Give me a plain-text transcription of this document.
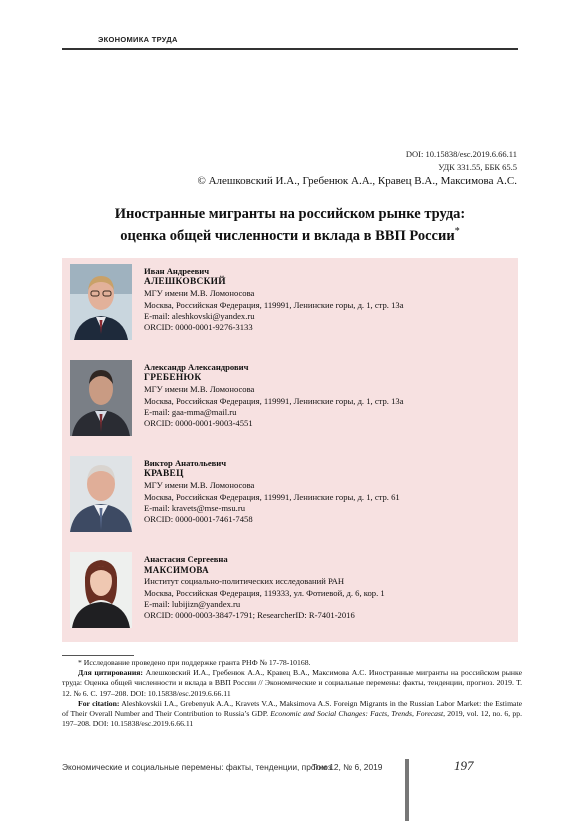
ЭКОНОМИКА ТРУДА
DOI: 10.15838/esc.2019.6.66.11
УДК 331.55, ББК 65.5
© Алешковский И.А., Гребенюк А.А., Кравец В.А., Максимова А.С.
Иностранные мигранты на российском рынке труда:
оценка общей численности и вклада в ВВП России*
Иван Андреевич
АЛЕШКОВСКИЙ
МГУ имени М.В. Ломоносова
Москва, Российская Федерация, 119991, Ленинские горы, д. 1, стр. 13а
E-mail: aleshkovski@yandex.ru
ORCID: 0000-0001-9276-3133
Александр Александрович
ГРЕБЕНЮК
МГУ имени М.В. Ломоносова
Москва, Российская Федерация, 119991, Ленинские горы, д. 1, стр. 13а
E-mail: gaa-mma@mail.ru
ORCID: 0000-0001-9003-4551
Виктор Анатольевич
КРАВЕЦ
МГУ имени М.В. Ломоносова
Москва, Российская Федерация, 119991, Ленинские горы, д. 1, стр. 61
E-mail: kravets@mse-msu.ru
ORCID: 0000-0001-7461-7458
Анастасия Сергеевна
МАКСИМОВА
Институт социально-политических исследований РАН
Москва, Российская Федерация, 119333, ул. Фотиевой, д. 6, кор. 1
E-mail: lubijizn@yandex.ru
ORCID: 0000-0003-3847-1791; ResearcherID: R-7401-2016

* Исследование проведено при поддержке гранта РНФ № 17-78-10168.

Для цитирования: Алешковский И.А., Гребенюк А.А., Кравец В.А., Максимова А.С. Иностранные мигранты на российском рынке труда: Оценка общей численности и вклада в ВВП России // Экономические и социальные перемены: факты, тенденции, прогноз. 2019. Т. 12. № 6. С. 197–208. DOI: 10.15838/esc.2019.6.66.11

For citation: Aleshkovskii I.A., Grebenyuk A.A., Kravets V.A., Maksimova A.S. Foreign Migrants in the Russian Labor Market: the Estimate of Their Overall Number and Their Contribution to Russia’s GDP. Economic and Social Changes: Facts, Trends, Forecast, 2019, vol. 12, no. 6, pp. 197–208. DOI: 10.15838/esc.2019.6.66.11

Экономические и социальные перемены: факты, тенденции, прогноз
Том 12, № 6, 2019	197
